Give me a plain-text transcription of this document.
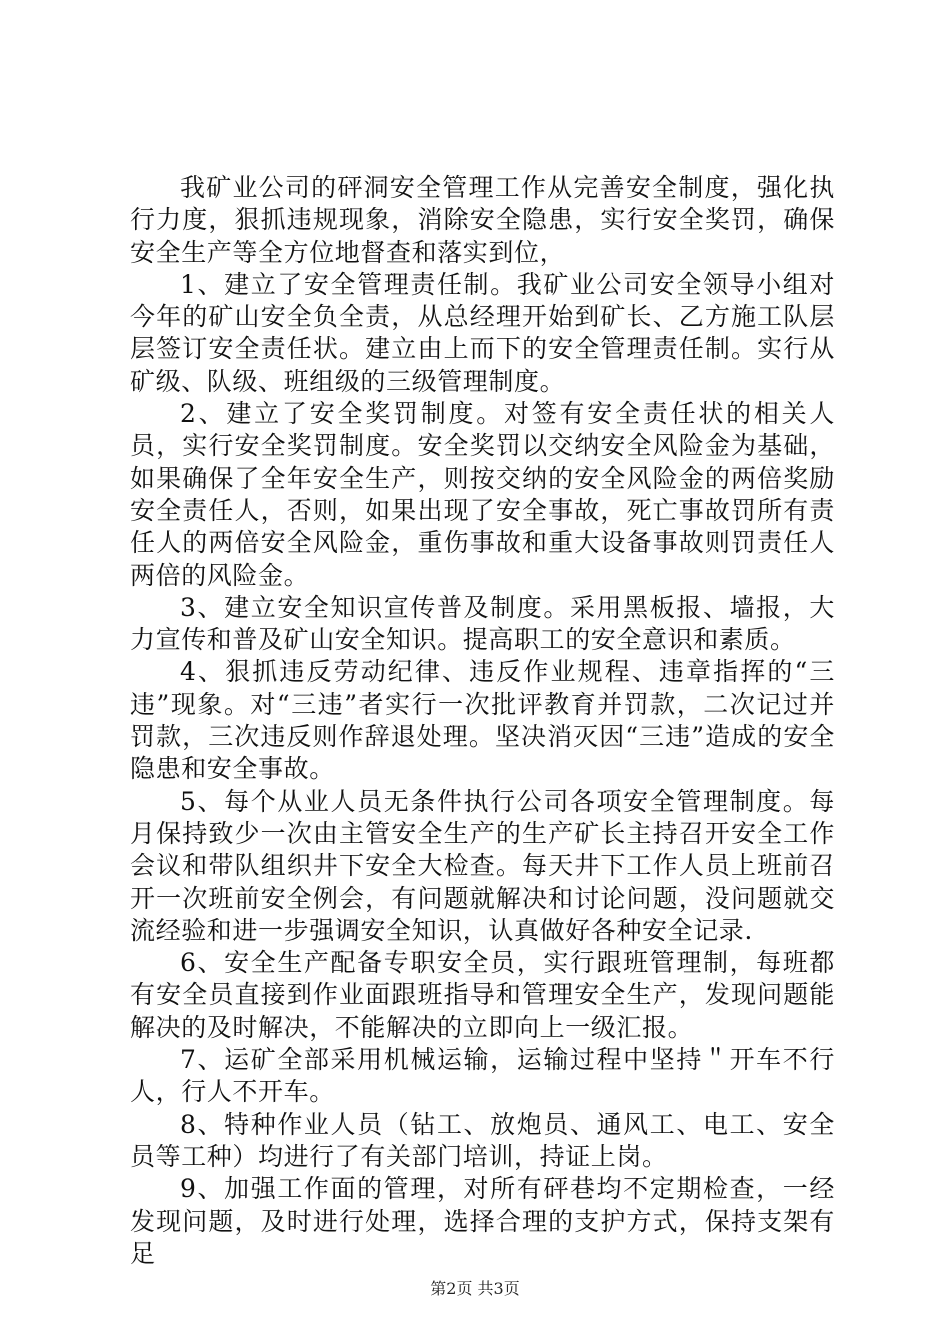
我矿业公司的砰洞安全管理工作从完善安全制度，强化执行力度，狠抓违规现象，消除安全隐患，实行安全奖罚，确保安全生产等全方位地督查和落实到位，

1、建立了安全管理责任制。我矿业公司安全领导小组对今年的矿山安全负全责，从总经理开始到矿长、乙方施工队层层签订安全责任状。建立由上而下的安全管理责任制。实行从矿级、队级、班组级的三级管理制度。

2、建立了安全奖罚制度。对签有安全责任状的相关人员，实行安全奖罚制度。安全奖罚以交纳安全风险金为基础，如果确保了全年安全生产，则按交纳的安全风险金的两倍奖励安全责任人，否则，如果出现了安全事故，死亡事故罚所有责任人的两倍安全风险金，重伤事故和重大设备事故则罚责任人两倍的风险金。

3、建立安全知识宣传普及制度。采用黑板报、墙报，大力宣传和普及矿山安全知识。提高职工的安全意识和素质。

4、狠抓违反劳动纪律、违反作业规程、违章指挥的“三违”现象。对“三违”者实行一次批评教育并罚款，二次记过并罚款，三次违反则作辞退处理。坚决消灭因“三违”造成的安全隐患和安全事故。

5、每个从业人员无条件执行公司各项安全管理制度。每月保持致少一次由主管安全生产的生产矿长主持召开安全工作会议和带队组织井下安全大检查。每天井下工作人员上班前召开一次班前安全例会，有问题就解决和讨论问题，没问题就交流经验和进一步强调安全知识，认真做好各种安全记录.

6、安全生产配备专职安全员，实行跟班管理制，每班都有安全员直接到作业面跟班指导和管理安全生产，发现问题能解决的及时解决，不能解决的立即向上一级汇报。

7、运矿全部采用机械运输，运输过程中坚持＂开车不行人，行人不开车。

8、特种作业人员（钻工、放炮员、通风工、电工、安全员等工种）均进行了有关部门培训，持证上岗。

9、加强工作面的管理，对所有砰巷均不定期检查，一经发现问题，及时进行处理，选择合理的支护方式，保持支架有足

第2页 共3页
